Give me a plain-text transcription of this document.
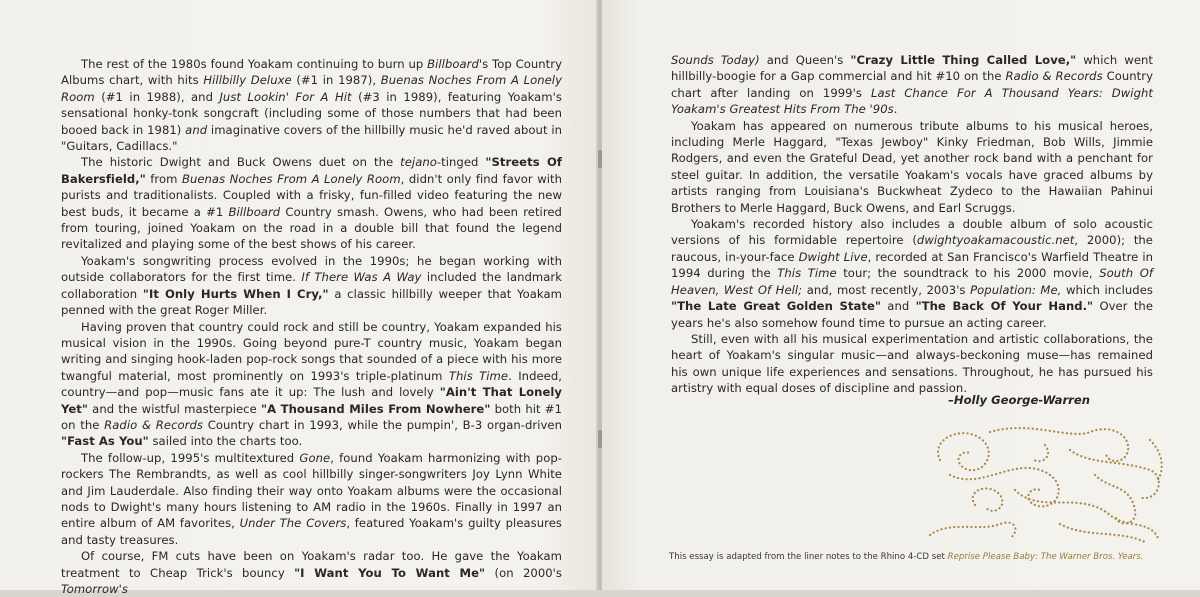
The rest of the 1980s found Yoakam continuing to burn up Billboard's Top Country Albums chart, with hits Hillbilly Deluxe (#1 in 1987), Buenas Noches From A Lonely Room (#1 in 1988), and Just Lookin' For A Hit (#3 in 1989), featuring Yoakam's sensational honky-tonk songcraft (including some of those numbers that had been booed back in 1981) and imaginative covers of the hillbilly music he'd raved about in "Guitars, Cadillacs."

The historic Dwight and Buck Owens duet on the tejano-tinged "Streets Of Bakersfield," from Buenas Noches From A Lonely Room, didn't only find favor with purists and traditionalists. Coupled with a frisky, fun-filled video featuring the new best buds, it became a #1 Billboard Country smash. Owens, who had been retired from touring, joined Yoakam on the road in a double bill that found the legend revitalized and playing some of the best shows of his career.

Yoakam's songwriting process evolved in the 1990s; he began working with outside collaborators for the first time. If There Was A Way included the landmark collaboration "It Only Hurts When I Cry," a classic hillbilly weeper that Yoakam penned with the great Roger Miller.

Having proven that country could rock and still be country, Yoakam expanded his musical vision in the 1990s. Going beyond pure-T country music, Yoakam began writing and singing hook-laden pop-rock songs that sounded of a piece with his more twangful material, most prominently on 1993's triple-platinum This Time. Indeed, country—and pop—music fans ate it up: The lush and lovely "Ain't That Lonely Yet" and the wistful masterpiece "A Thousand Miles From Nowhere" both hit #1 on the Radio & Records Country chart in 1993, while the pumpin', B-3 organ-driven "Fast As You" sailed into the charts too.

The follow-up, 1995's multitextured Gone, found Yoakam harmonizing with pop-rockers The Rembrandts, as well as cool hillbilly singer-songwriters Joy Lynn White and Jim Lauderdale. Also finding their way onto Yoakam albums were the occasional nods to Dwight's many hours listening to AM radio in the 1960s. Finally in 1997 an entire album of AM favorites, Under The Covers, featured Yoakam's guilty pleasures and tasty treasures.

Of course, FM cuts have been on Yoakam's radar too. He gave the Yoakam treatment to Cheap Trick's bouncy "I Want You To Want Me" (on 2000's Tomorrow's

Sounds Today) and Queen's "Crazy Little Thing Called Love," which went hillbilly-boogie for a Gap commercial and hit #10 on the Radio & Records Country chart after landing on 1999's Last Chance For A Thousand Years: Dwight Yoakam's Greatest Hits From The '90s.

Yoakam has appeared on numerous tribute albums to his musical heroes, including Merle Haggard, "Texas Jewboy" Kinky Friedman, Bob Wills, Jimmie Rodgers, and even the Grateful Dead, yet another rock band with a penchant for steel guitar. In addition, the versatile Yoakam's vocals have graced albums by artists ranging from Louisiana's Buckwheat Zydeco to the Hawaiian Pahinui Brothers to Merle Haggard, Buck Owens, and Earl Scruggs.

Yoakam's recorded history also includes a double album of solo acoustic versions of his formidable repertoire (dwightyoakamacoustic.net, 2000); the raucous, in-your-face Dwight Live, recorded at San Francisco's Warfield Theatre in 1994 during the This Time tour; the soundtrack to his 2000 movie, South Of Heaven, West Of Hell; and, most recently, 2003's Population: Me, which includes "The Late Great Golden State" and "The Back Of Your Hand." Over the years he's also somehow found time to pursue an acting career.

Still, even with all his musical experimentation and artistic collaborations, the heart of Yoakam's singular music—and always-beckoning muse—has remained his own unique life experiences and sensations. Throughout, he has pursued his artistry with equal doses of discipline and passion.

–Holly George-Warren
This essay is adapted from the liner notes to the Rhino 4-CD set Reprise Please Baby: The Warner Bros. Years.
